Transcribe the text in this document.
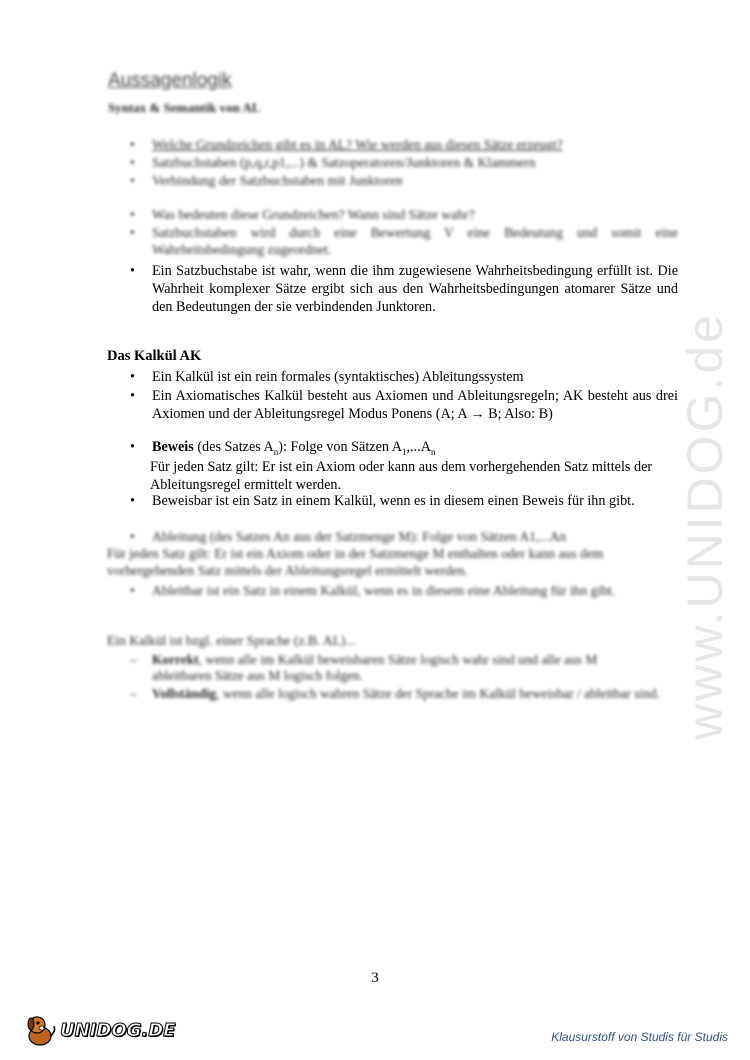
Aussagenlogik
Syntax & Semantik von AL
• Welche Grundzeichen gibt es in AL? Wie werden aus diesen Sätze erzeugt?
• Satzbuchstaben (p,q,r,p1,...) & Satzoperatoren/Junktoren & Klammern
• Verbindung der Satzbuchstaben mit Junktoren
• Was bedeuten diese Grundzeichen? Wann sind Sätze wahr?
• Satzbuchstaben wird durch eine Bewertung V eine Bedeutung und somit eine Wahrheitsbedingung zugeordnet.
• Ein Satzbuchstabe ist wahr, wenn die ihm zugewiesene Wahrheitsbedingung erfüllt ist. Die Wahrheit komplexer Sätze ergibt sich aus den Wahrheitsbedingungen atomarer Sätze und den Bedeutungen der sie verbindenden Junktoren.
Das Kalkül AK
• Ein Kalkül ist ein rein formales (syntaktisches) Ableitungssystem
• Ein Axiomatisches Kalkül besteht aus Axiomen und Ableitungsregeln; AK besteht aus drei Axiomen und der Ableitungsregel Modus Ponens (A; A → B; Also: B)
• Beweis (des Satzes $A_n$): Folge von Sätzen $A_1,...A_n$
Für jeden Satz gilt: Er ist ein Axiom oder kann aus dem vorhergehenden Satz mittels der Ableitungsregel ermittelt werden.
• Beweisbar ist ein Satz in einem Kalkül, wenn es in diesem einen Beweis für ihn gibt.
• Ableitung (des Satzes An aus der Satzmenge M): Folge von Sätzen A1,...An
Für jeden Satz gilt: Er ist ein Axiom oder in der Satzmenge M enthalten oder kann aus dem vorhergehenden Satz mittels der Ableitungsregel ermittelt werden.
• Ableitbar ist ein Satz in einem Kalkül, wenn es in diesem eine Ableitung für ihn gibt.
Ein Kalkül ist bzgl. einer Sprache (z.B. AL)...
– Korrekt, wenn alle im Kalkül beweisbaren Sätze logisch wahr sind und alle aus M ableitbaren Sätze aus M logisch folgen.
– Vollständig, wenn alle logisch wahren Sätze der Sprache im Kalkül beweisbar / ableitbar sind. www.UNIDOG.de
3
UNIDOG.DE	Klausurstoff von Studis für Studis
